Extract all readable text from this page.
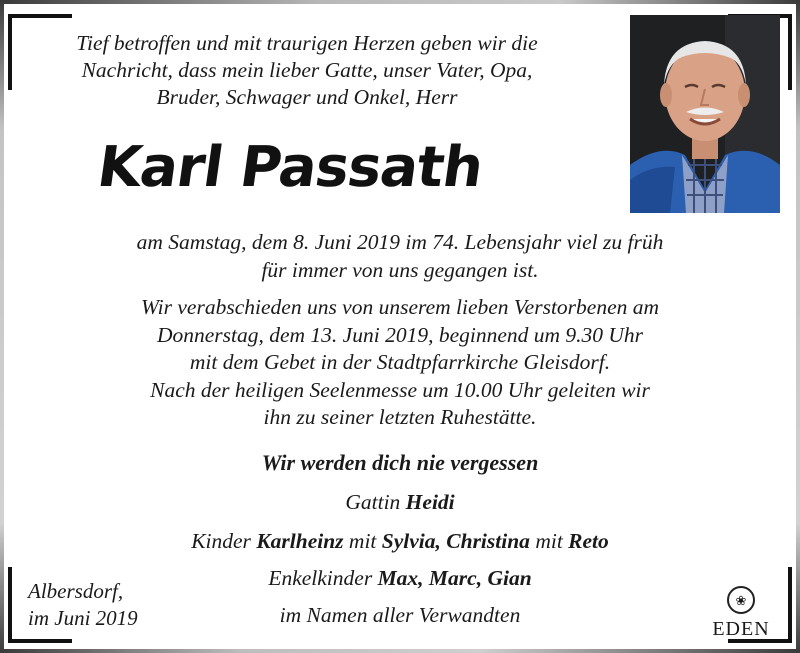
Tief betroffen und mit traurigen Herzen geben wir die
Nachricht, dass mein lieber Gatte, unser Vater, Opa,
Bruder, Schwager und Onkel, Herr
Karl Passath
am Samstag, dem 8. Juni 2019 im 74. Lebensjahr viel zu früh
für immer von uns gegangen ist.
Wir verabschieden uns von unserem lieben Verstorbenen am
Donnerstag, dem 13. Juni 2019, beginnend um 9.30 Uhr
mit dem Gebet in der Stadtpfarrkirche Gleisdorf.
Nach der heiligen Seelenmesse um 10.00 Uhr geleiten wir
ihn zu seiner letzten Ruhestätte.
Wir werden dich nie vergessen
Gattin Heidi
Kinder Karlheinz mit Sylvia, Christina mit Reto
Enkelkinder Max, Marc, Gian
im Namen aller Verwandten
Albersdorf,
im Juni 2019
❀
EDEN
